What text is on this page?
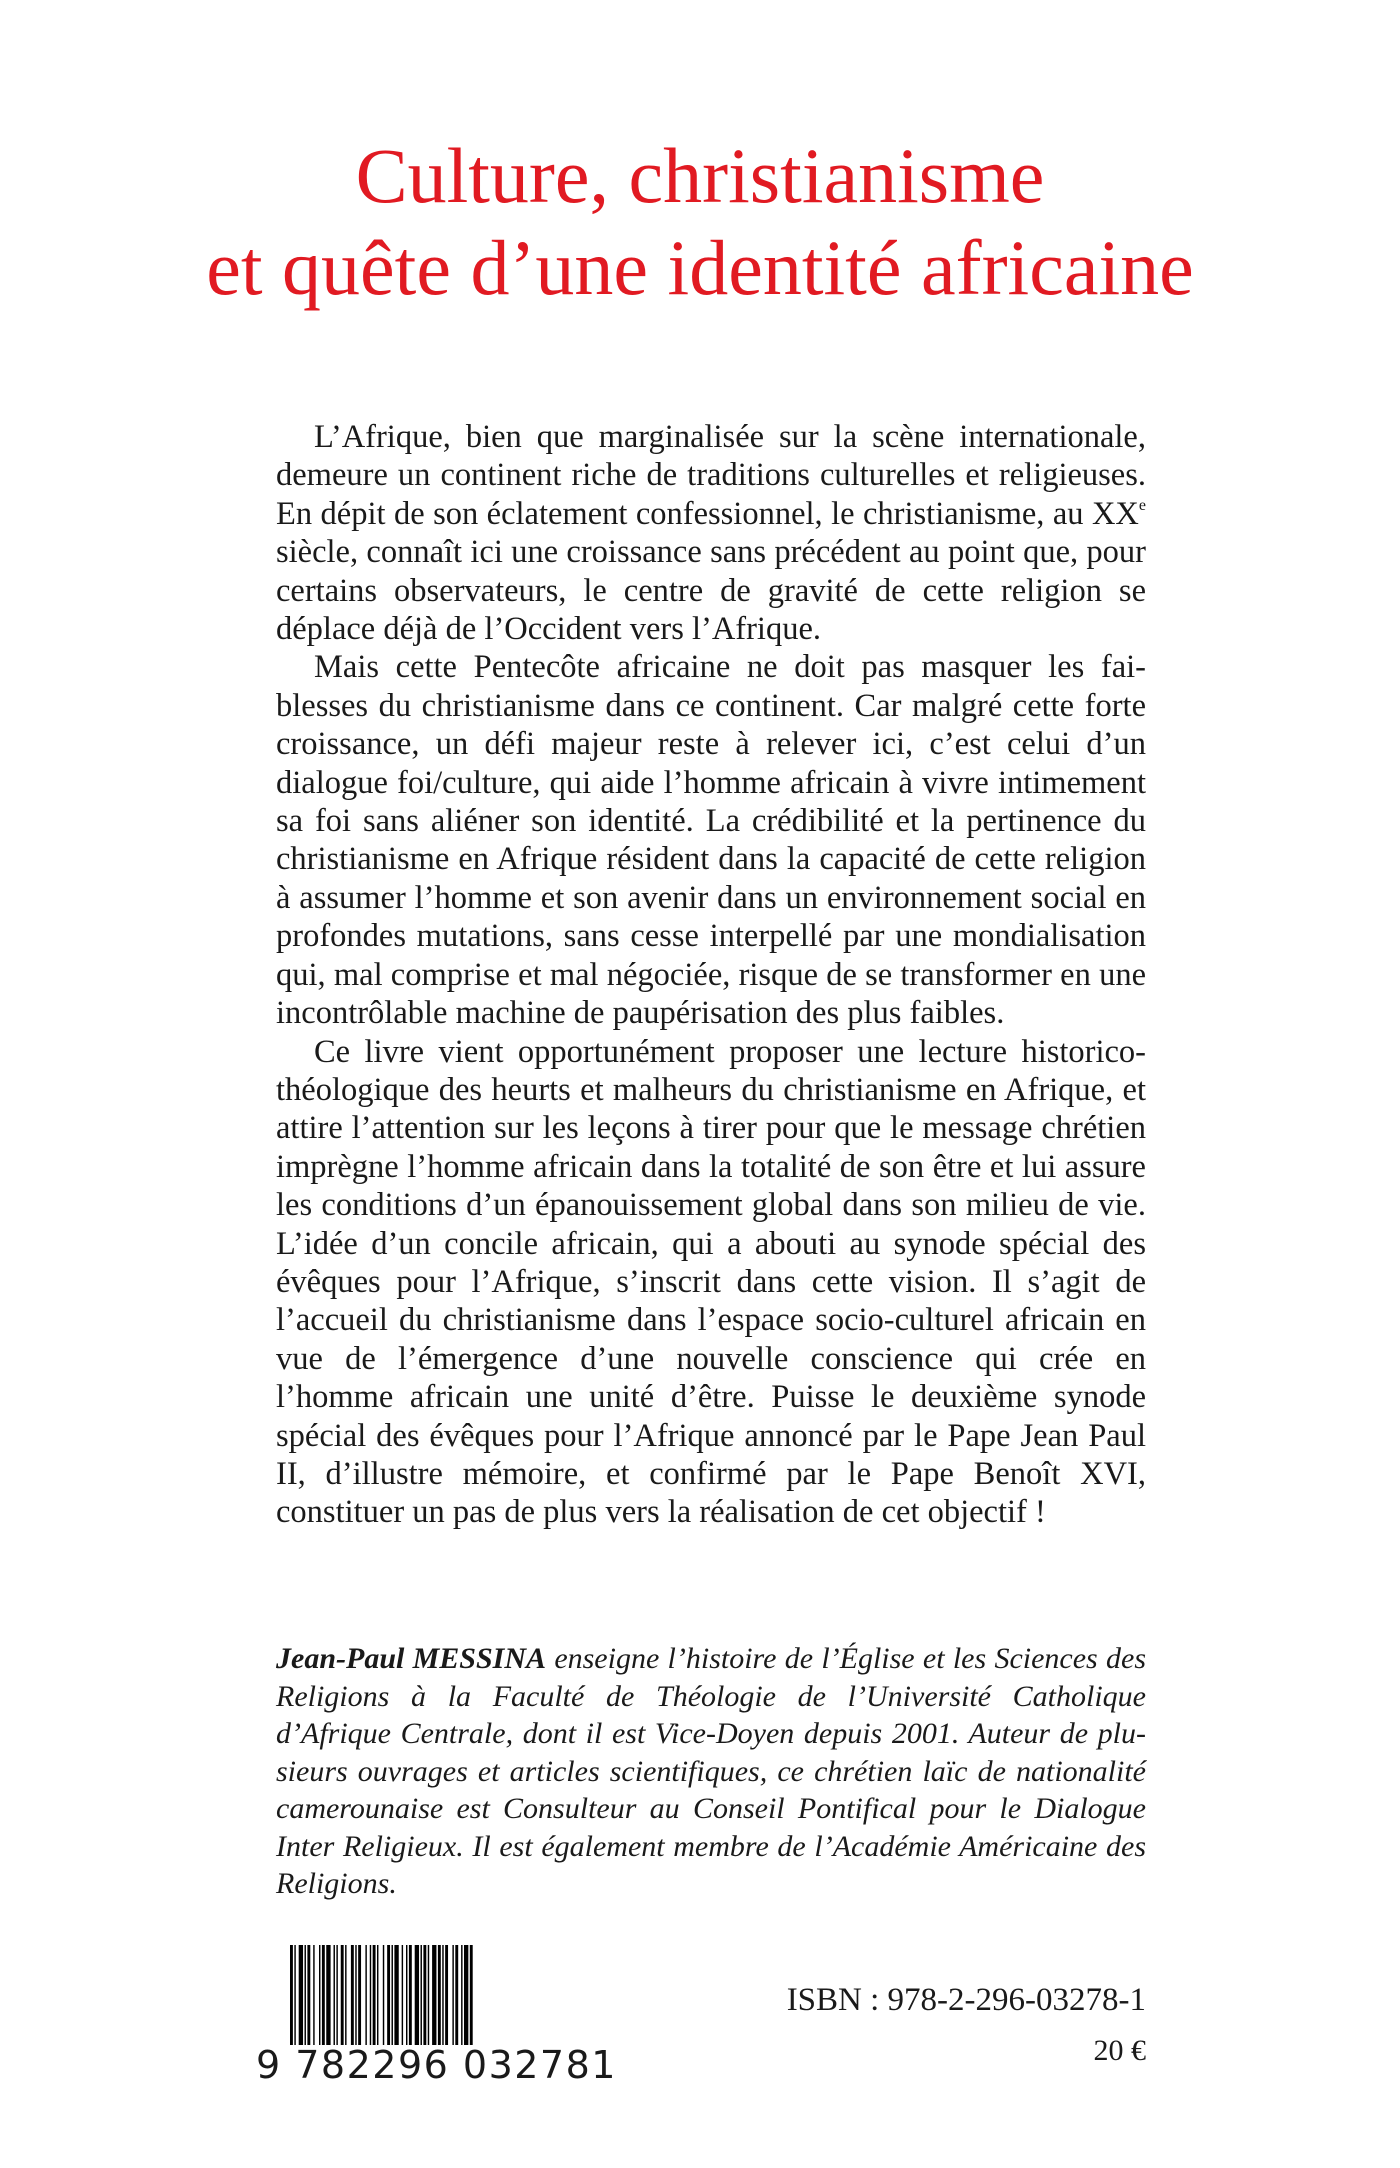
Culture, christianisme
et quête d’une identité africaine

L’Afrique, bien que marginalisée sur la scène internationale, demeure un continent riche de traditions culturelles et religieuses. En dépit de son éclatement confessionnel, le christianisme, au XXe siècle, connaît ici une croissance sans précédent au point que, pour certains observateurs, le centre de gravité de cette religion se déplace déjà de l’Occident vers l’Afrique.

Mais cette Pentecôte africaine ne doit pas masquer les faiblesses du christianisme dans ce continent. Car malgré cette forte croissance, un défi majeur reste à relever ici, c’est celui d’un dialogue foi/culture, qui aide l’homme africain à vivre intimement sa foi sans aliéner son identité. La crédibilité et la pertinence du christianisme en Afrique résident dans la capacité de cette religion à assumer l’homme et son avenir dans un environnement social en profondes mutations, sans cesse interpellé par une mondialisation qui, mal comprise et mal négociée, risque de se transformer en une incontrôlable machine de paupérisation des plus faibles.

Ce livre vient opportunément proposer une lecture historico-théologique des heurts et malheurs du christianisme en Afrique, et attire l’attention sur les leçons à tirer pour que le message chrétien imprègne l’homme africain dans la totalité de son être et lui assure les conditions d’un épanouissement global dans son milieu de vie. L’idée d’un concile africain, qui a abouti au synode spécial des évêques pour l’Afrique, s’inscrit dans cette vision. Il s’agit de l’accueil du christianisme dans l’espace socio-culturel africain en vue de l’émergence d’une nouvelle conscience qui crée en l’homme africain une unité d’être. Puisse le deuxième synode spécial des évêques pour l’Afrique annoncé par le Pape Jean Paul II, d’illustre mémoire, et confirmé par le Pape Benoît XVI, constituer un pas de plus vers la réalisation de cet objectif !

Jean-Paul MESSINA enseigne l’histoire de l’Église et les Sciences des Religions à la Faculté de Théologie de l’Université Catholique d’Afrique Centrale, dont il est Vice-Doyen depuis 2001. Auteur de plusieurs ouvrages et articles scientifiques, ce chrétien laïc de nationalité camerounaise est Consulteur au Conseil Pontifical pour le Dialogue Inter Religieux. Il est également membre de l’Académie Américaine des Religions.
9 782296 032781
ISBN : 978-2-296-03278-1
20 €
